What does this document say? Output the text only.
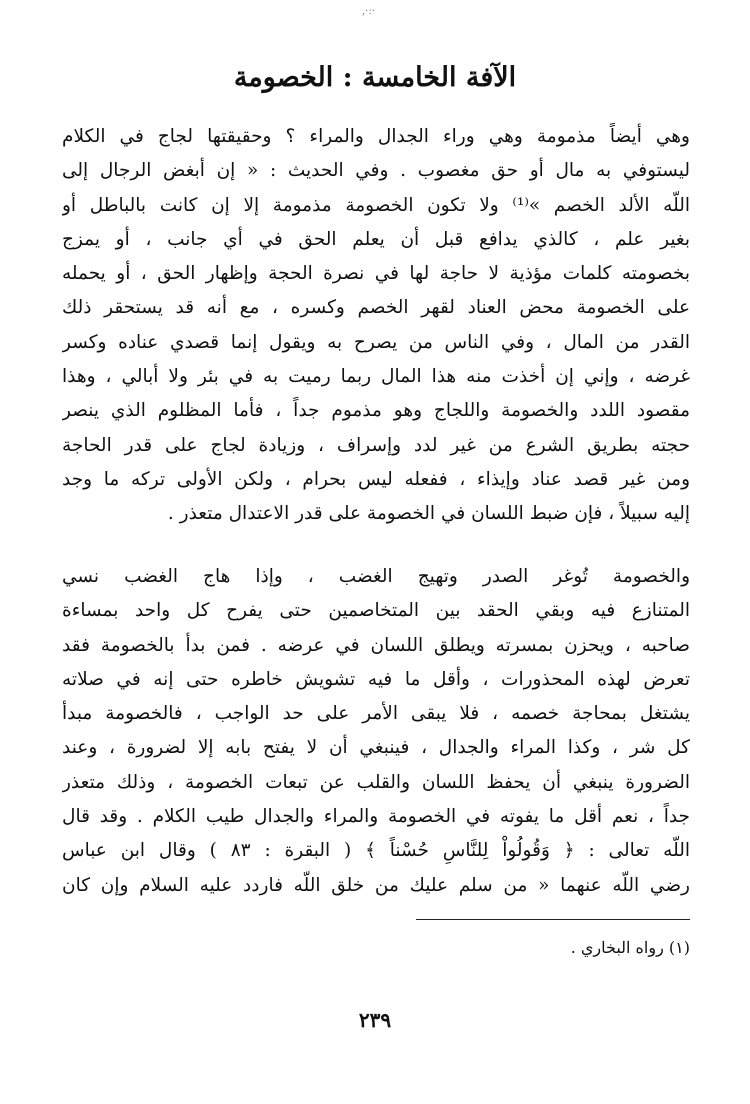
,·:·
الآفة الخامسة : الخصومة
وهي أيضاً مذمومة وهي وراء الجدال والمراء ؟ وحقيقتها لجاج في الكلام
ليستوفي به مال أو حق مغصوب . وفي الحديث : « إن أبغض الرجال إلى
اللّه الألد الخصم »⁽¹⁾ ولا تكون الخصومة مذمومة إلا إن كانت بالباطل أو
بغير علم ، كالذي يدافع قبل أن يعلم الحق في أي جانب ، أو يمزج
بخصومته كلمات مؤذية لا حاجة لها في نصرة الحجة وإظهار الحق ، أو يحمله
على الخصومة محض العناد لقهر الخصم وكسره ، مع أنه قد يستحقر ذلك
القدر من المال ، وفي الناس من يصرح به ويقول إنما قصدي عناده وكسر
غرضه ، وإني إن أخذت منه هذا المال ربما رميت به في بئر ولا أبالي ، وهذا
مقصود اللدد والخصومة واللجاج وهو مذموم جداً ، فأما المظلوم الذي ينصر
حجته بطريق الشرع من غير لدد وإسراف ، وزيادة لجاج على قدر الحاجة
ومن غير قصد عناد وإيذاء ، ففعله ليس بحرام ، ولكن الأولى تركه ما وجد
إليه سبيلاً ، فإن ضبط اللسان في الخصومة على قدر الاعتدال متعذر .
والخصومة تُوغر الصدر وتهيج الغضب ، وإذا هاج الغضب نسي
المتنازع فيه وبقي الحقد بين المتخاصمين حتى يفرح كل واحد بمساءة
صاحبه ، ويحزن بمسرته ويطلق اللسان في عرضه . فمن بدأ بالخصومة فقد
تعرض لهذه المحذورات ، وأقل ما فيه تشويش خاطره حتى إنه في صلاته
يشتغل بمحاجة خصمه ، فلا يبقى الأمر على حد الواجب ، فالخصومة مبدأ
كل شر ، وكذا المراء والجدال ، فينبغي أن لا يفتح بابه إلا لضرورة ، وعند
الضرورة ينبغي أن يحفظ اللسان والقلب عن تبعات الخصومة ، وذلك متعذر
جداً ، نعم أقل ما يفوته في الخصومة والمراء والجدال طيب الكلام . وقد قال
اللّه تعالى : ﴿ وَقُولُواْ لِلنَّاسِ حُسْناً ﴾ ( البقرة : ٨٣ ) وقال ابن عباس
رضي اللّه عنهما « من سلم عليك من خلق اللّه فاردد عليه السلام وإن كان
(١) رواه البخاري .
٢٣٩
